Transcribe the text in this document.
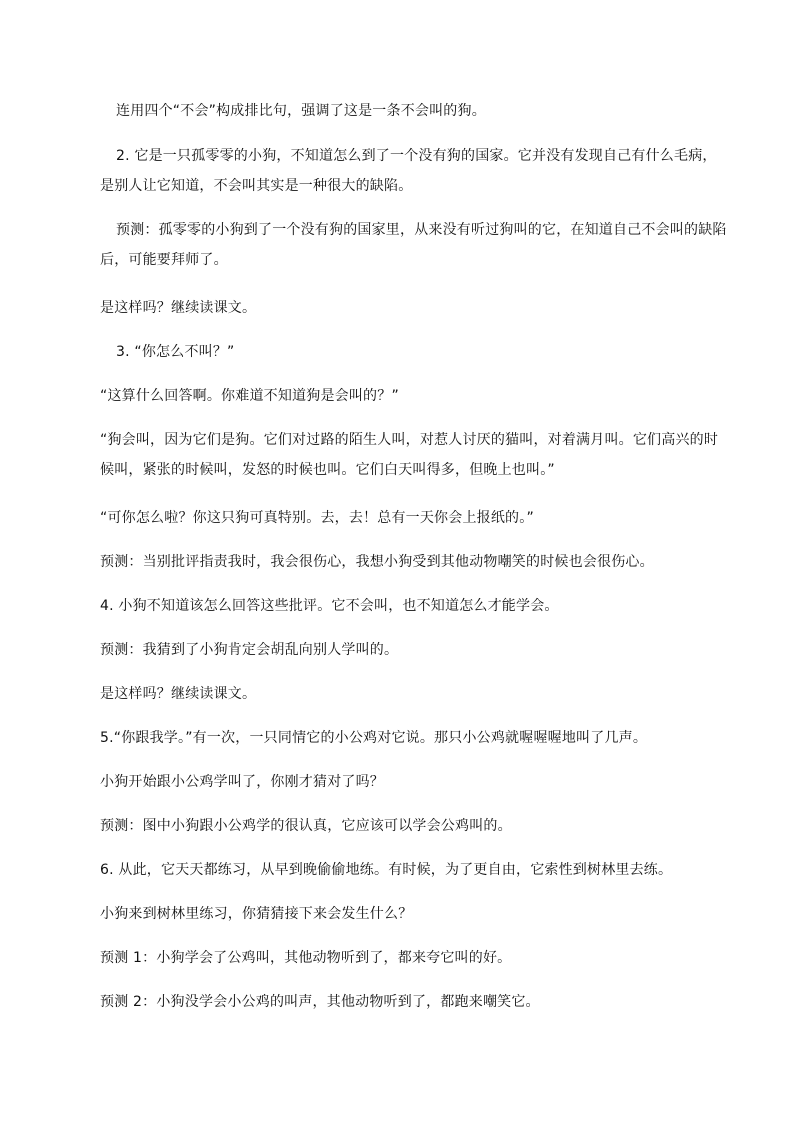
连用四个“不会”构成排比句，强调了这是一条不会叫的狗。

2. 它是一只孤零零的小狗，不知道怎么到了一个没有狗的国家。它并没有发现自己有什么毛病，是别人让它知道，不会叫其实是一种很大的缺陷。

预测：孤零零的小狗到了一个没有狗的国家里，从来没有听过狗叫的它，在知道自己不会叫的缺陷后，可能要拜师了。

是这样吗？继续读课文。

3. “你怎么不叫？”

“这算什么回答啊。你难道不知道狗是会叫的？”

“狗会叫，因为它们是狗。它们对过路的陌生人叫，对惹人讨厌的猫叫，对着满月叫。它们高兴的时候叫，紧张的时候叫，发怒的时候也叫。它们白天叫得多，但晚上也叫。”

“可你怎么啦？你这只狗可真特别。去，去！总有一天你会上报纸的。”

预测：当别批评指责我时，我会很伤心，我想小狗受到其他动物嘲笑的时候也会很伤心。

4. 小狗不知道该怎么回答这些批评。它不会叫，也不知道怎么才能学会。

预测：我猜到了小狗肯定会胡乱向别人学叫的。

是这样吗？继续读课文。

5.“你跟我学。”有一次，一只同情它的小公鸡对它说。那只小公鸡就喔喔喔地叫了几声。

小狗开始跟小公鸡学叫了，你刚才猜对了吗？

预测：图中小狗跟小公鸡学的很认真，它应该可以学会公鸡叫的。

6. 从此，它天天都练习，从早到晚偷偷地练。有时候，为了更自由，它索性到树林里去练。

小狗来到树林里练习，你猜猜接下来会发生什么？

预测 1：小狗学会了公鸡叫，其他动物听到了，都来夸它叫的好。

预测 2：小狗没学会小公鸡的叫声，其他动物听到了，都跑来嘲笑它。
